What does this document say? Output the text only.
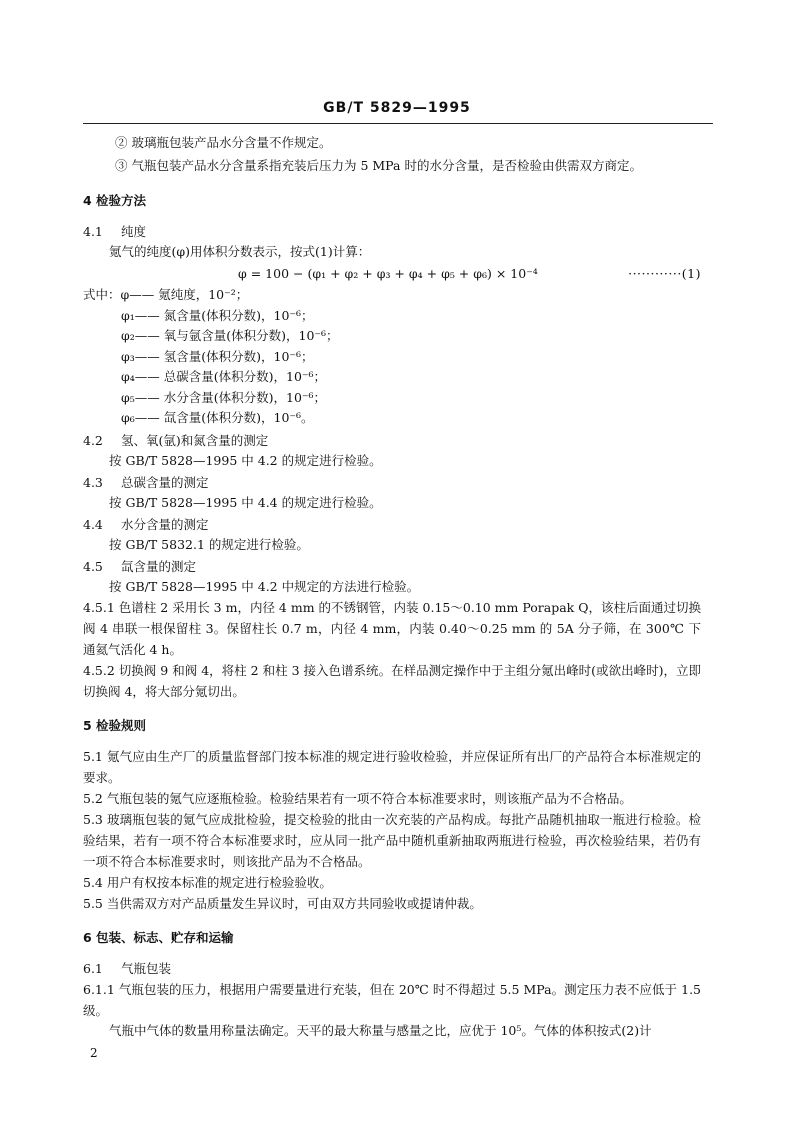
GB/T 5829—1995

② 玻璃瓶包装产品水分含量不作规定。

③ 气瓶包装产品水分含量系指充装后压力为 5 MPa 时的水分含量，是否检验由供需双方商定。

4 检验方法

4.1 纯度

氪气的纯度(φ)用体积分数表示，按式(1)计算：

φ = 100 − (φ₁ + φ₂ + φ₃ + φ₄ + φ₅ + φ₆) × 10⁻⁴	············(1)

式中：φ—— 氪纯度，10⁻²；

φ₁—— 氮含量(体积分数)，10⁻⁶；

φ₂—— 氧与氩含量(体积分数)，10⁻⁶；

φ₃—— 氢含量(体积分数)，10⁻⁶；

φ₄—— 总碳含量(体积分数)，10⁻⁶；

φ₅—— 水分含量(体积分数)，10⁻⁶；

φ₆—— 氙含量(体积分数)，10⁻⁶。

4.2 氢、氧(氩)和氮含量的测定

按 GB/T 5828—1995 中 4.2 的规定进行检验。

4.3 总碳含量的测定

按 GB/T 5828—1995 中 4.4 的规定进行检验。

4.4 水分含量的测定

按 GB/T 5832.1 的规定进行检验。

4.5 氙含量的测定

按 GB/T 5828—1995 中 4.2 中规定的方法进行检验。

4.5.1 色谱柱 2 采用长 3 m，内径 4 mm 的不锈钢管，内装 0.15～0.10 mm Porapak Q，该柱后面通过切换阀 4 串联一根保留柱 3。保留柱长 0.7 m，内径 4 mm，内装 0.40～0.25 mm 的 5A 分子筛，在 300℃ 下通氦气活化 4 h。

4.5.2 切换阀 9 和阀 4，将柱 2 和柱 3 接入色谱系统。在样品测定操作中于主组分氪出峰时(或欲出峰时)，立即切换阀 4，将大部分氪切出。

5 检验规则

5.1 氪气应由生产厂的质量监督部门按本标准的规定进行验收检验，并应保证所有出厂的产品符合本标准规定的要求。

5.2 气瓶包装的氪气应逐瓶检验。检验结果若有一项不符合本标准要求时，则该瓶产品为不合格品。

5.3 玻璃瓶包装的氪气应成批检验，提交检验的批由一次充装的产品构成。每批产品随机抽取一瓶进行检验。检验结果，若有一项不符合本标准要求时，应从同一批产品中随机重新抽取两瓶进行检验，再次检验结果，若仍有一项不符合本标准要求时，则该批产品为不合格品。

5.4 用户有权按本标准的规定进行检验验收。

5.5 当供需双方对产品质量发生异议时，可由双方共同验收或提请仲裁。

6 包装、标志、贮存和运输

6.1 气瓶包装

6.1.1 气瓶包装的压力，根据用户需要量进行充装，但在 20℃ 时不得超过 5.5 MPa。测定压力表不应低于 1.5 级。

气瓶中气体的数量用称量法确定。天平的最大称量与感量之比，应优于 10⁵。气体的体积按式(2)计

2
